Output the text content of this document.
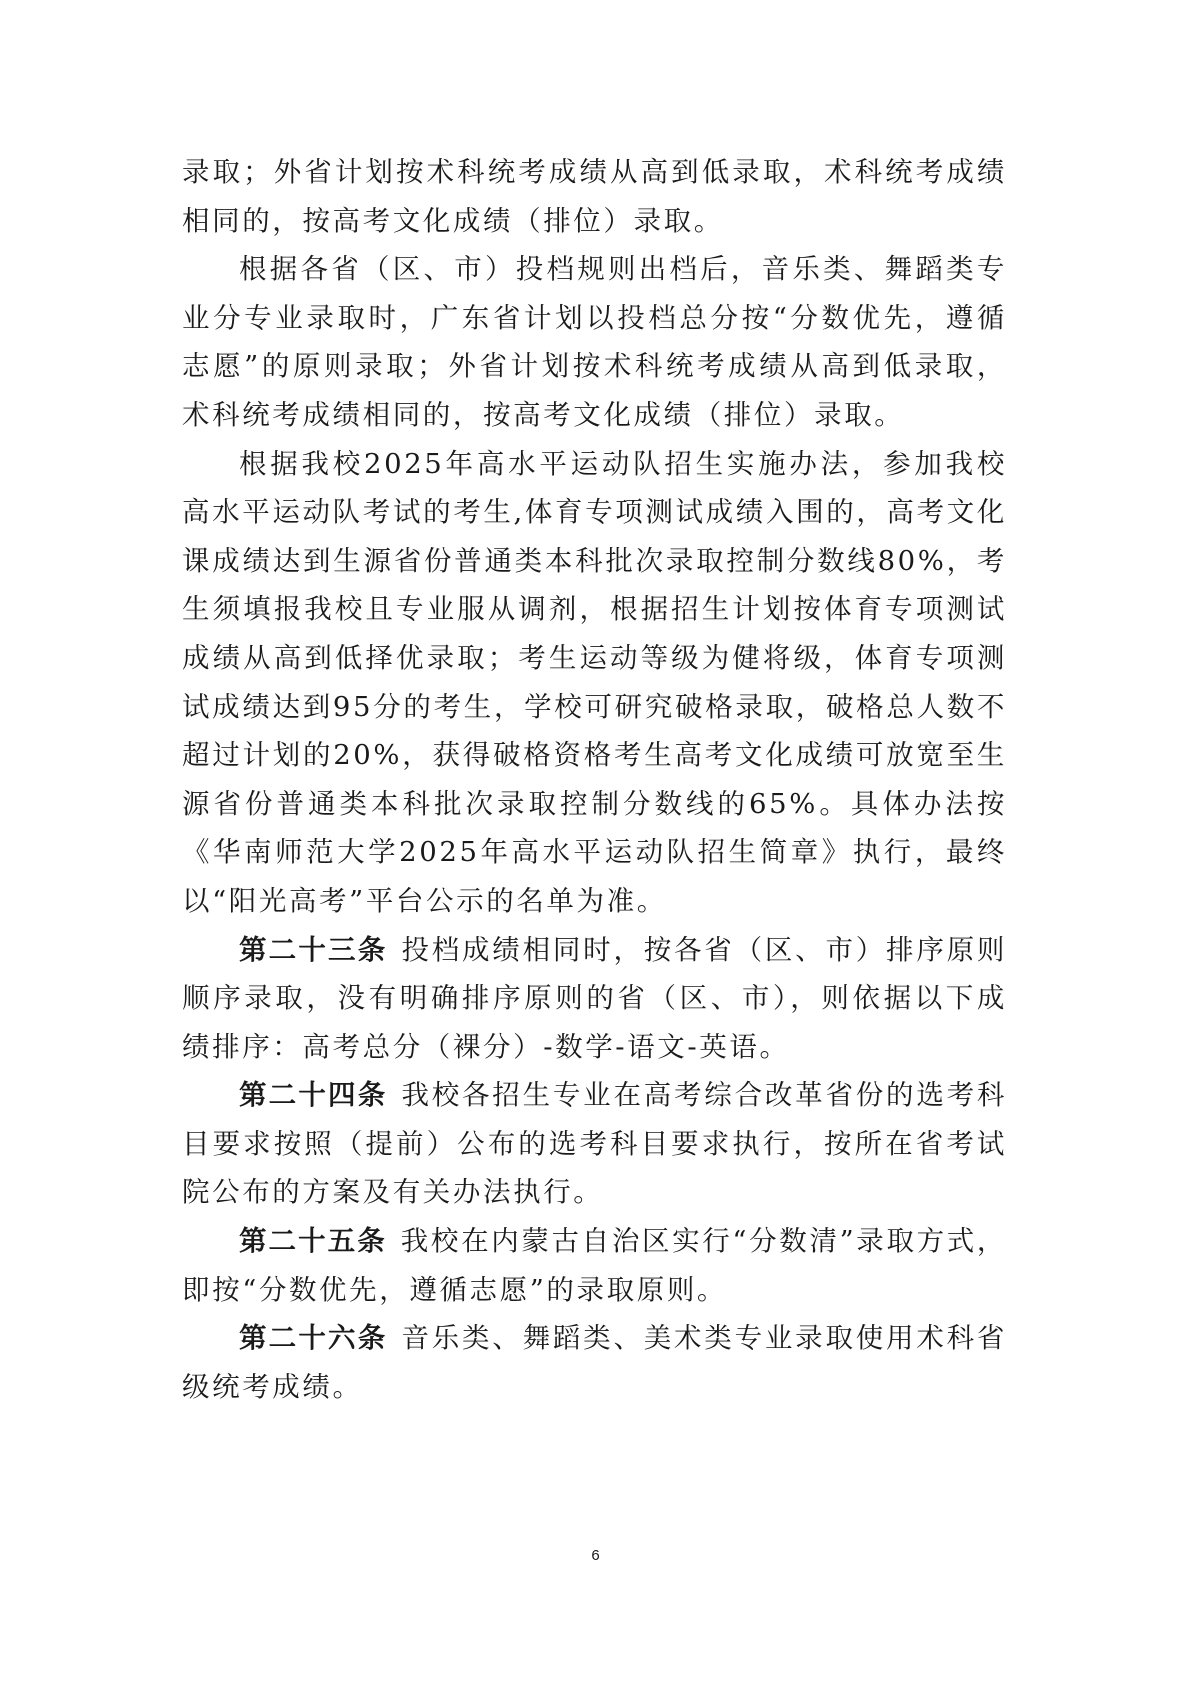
录取；外省计划按术科统考成绩从高到低录取，术科统考成绩相同的，按高考文化成绩（排位）录取。

根据各省（区、市）投档规则出档后，音乐类、舞蹈类专业分专业录取时，广东省计划以投档总分按“分数优先，遵循志愿”的原则录取；外省计划按术科统考成绩从高到低录取，术科统考成绩相同的，按高考文化成绩（排位）录取。

根据我校2025年高水平运动队招生实施办法，参加我校高水平运动队考试的考生,体育专项测试成绩入围的，高考文化课成绩达到生源省份普通类本科批次录取控制分数线80%，考生须填报我校且专业服从调剂，根据招生计划按体育专项测试成绩从高到低择优录取；考生运动等级为健将级，体育专项测试成绩达到95分的考生，学校可研究破格录取，破格总人数不超过计划的20%，获得破格资格考生高考文化成绩可放宽至生源省份普通类本科批次录取控制分数线的65%。具体办法按《华南师范大学2025年高水平运动队招生简章》执行，最终以“阳光高考”平台公示的名单为准。

第二十三条 投档成绩相同时，按各省（区、市）排序原则顺序录取，没有明确排序原则的省（区、市），则依据以下成绩排序：高考总分（裸分）-数学-语文-英语。

第二十四条 我校各招生专业在高考综合改革省份的选考科目要求按照（提前）公布的选考科目要求执行，按所在省考试院公布的方案及有关办法执行。

第二十五条 我校在内蒙古自治区实行“分数清”录取方式，即按“分数优先，遵循志愿”的录取原则。

第二十六条 音乐类、舞蹈类、美术类专业录取使用术科省级统考成绩。

6
